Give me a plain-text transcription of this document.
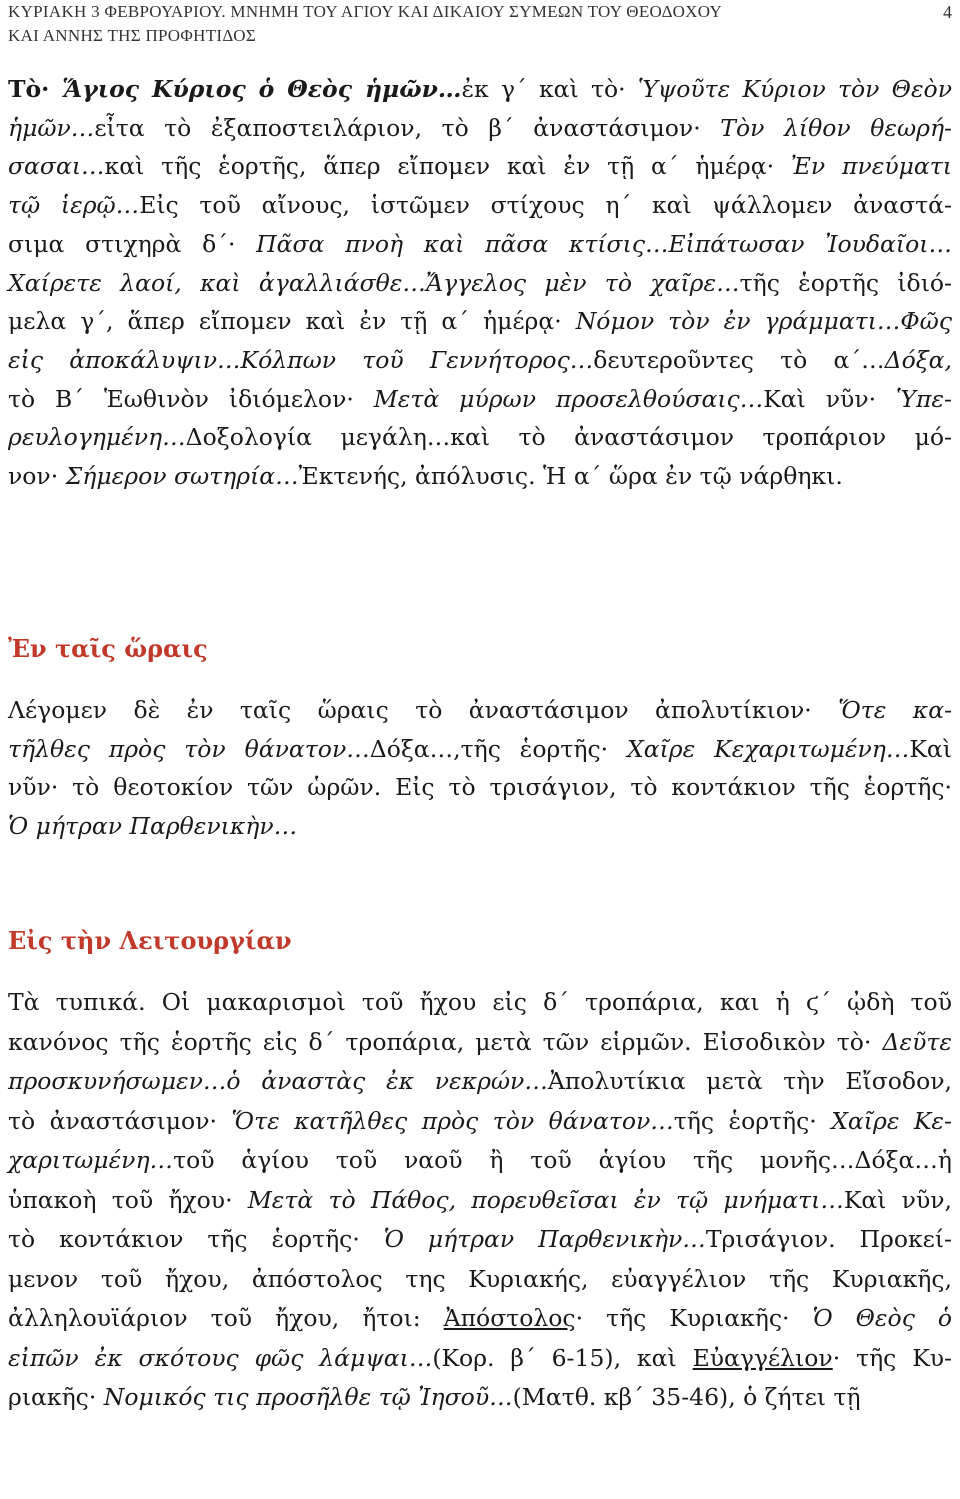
ΚΥΡΙΑΚΗ 3 ΦΕΒΡΟΥΑΡΙΟΥ. ΜΝΗΜΗ ΤΟΥ ΑΓΙΟΥ ΚΑΙ ΔΙΚΑΙΟΥ ΣΥΜΕΩΝ ΤΟΥ ΘΕΟΔΟΧΟΥ
ΚΑΙ ΑΝΝΗΣ ΤΗΣ ΠΡΟΦΗΤΙΔΟΣ
4
Τὸ· Ἅγιος Κύριος ὁ Θεὸς ἡμῶν…ἐκ γ΄ καὶ τὸ· Ὑψοῦτε Κύριον τὸν Θεὸν
ἡμῶν…εἶτα τὸ ἐξαποστειλάριον, τὸ β΄ ἀναστάσιμον· Τὸν λίθον θεωρή-
σασαι…καὶ τῆς ἑορτῆς, ἅπερ εἴπομεν καὶ ἐν τῇ α΄ ἡμέρᾳ· Ἐν πνεύματι
τῷ ἱερῷ…Εἰς τοῦ αἴνους, ἱστῶμεν στίχους η΄ καὶ ψάλλομεν ἀναστά-
σιμα στιχηρὰ δ΄· Πᾶσα πνοὴ καὶ πᾶσα κτίσις…Εἰπάτωσαν Ἰουδαῖοι…
Χαίρετε λαοί, καὶ ἀγαλλιάσθε…Ἄγγελος μὲν τὸ χαῖρε…τῆς ἑορτῆς ἰδιό-
μελα γ΄, ἅπερ εἴπομεν καὶ ἐν τῇ α΄ ἡμέρᾳ· Νόμον τὸν ἐν γράμματι…Φῶς
εἰς ἀποκάλυψιν…Κόλπων τοῦ Γεννήτορος…δευτεροῦντες τὸ α΄…Δόξα,
τὸ Β΄ Ἑωθινὸν ἰδιόμελον· Μετὰ μύρων προσελθούσαις…Καὶ νῦν· Ὑπε-
ρευλογημένη…Δοξολογία μεγάλη…καὶ τὸ ἀναστάσιμον τροπάριον μό-
νον· Σήμερον σωτηρία…Ἐκτενής, ἀπόλυσις. Ἡ α΄ ὥρα ἐν τῷ νάρθηκι.
Ἐν ταῖς ὥραις
Λέγομεν δὲ ἐν ταῖς ὥραις τὸ ἀναστάσιμον ἀπολυτίκιον· Ὅτε κα-
τῆλθες πρὸς τὸν θάνατον…Δόξα…,τῆς ἑορτῆς· Χαῖρε Κεχαριτωμένη…Καὶ
νῦν· τὸ θεοτοκίον τῶν ὡρῶν. Εἰς τὸ τρισάγιον, τὸ κοντάκιον τῆς ἑορτῆς·
Ὁ μήτραν Παρθενικὴν…
Εἰς τὴν Λειτουργίαν
Τὰ τυπικά. Οἱ μακαρισμοὶ τοῦ ἤχου εἰς δ΄ τροπάρια, και ἡ ϛ΄ ᾠδὴ τοῦ
κανόνος τῆς ἑορτῆς εἰς δ΄ τροπάρια, μετὰ τῶν εἱρμῶν. Εἰσοδικὸν τὸ· Δεῦτε
προσκυνήσωμεν…ὁ ἀναστὰς ἐκ νεκρών…Ἀπολυτίκια μετὰ τὴν Εἴσοδον,
τὸ ἀναστάσιμον· Ὅτε κατῆλθες πρὸς τὸν θάνατον…τῆς ἑορτῆς· Χαῖρε Κε-
χαριτωμένη…τοῦ ἁγίου τοῦ ναοῦ ἢ τοῦ ἁγίου τῆς μονῆς…Δόξα…ἡ
ὑπακοὴ τοῦ ἤχου· Μετὰ τὸ Πάθος, πορευθεῖσαι ἐν τῷ μνήματι…Καὶ νῦν,
τὸ κοντάκιον τῆς ἑορτῆς· Ὁ μήτραν Παρθενικὴν…Τρισάγιον. Προκεί-
μενον τοῦ ἤχου, ἀπόστολος της Κυριακής, εὐαγγέλιον τῆς Κυριακῆς,
ἀλληλουϊάριον τοῦ ἤχου, ἤτοι: Ἀπόστολος· τῆς Κυριακῆς· Ὁ Θεὸς ὁ
εἰπῶν ἐκ σκότους φῶς λάμψαι…(Κορ. β΄ 6-15), καὶ Εὐαγγέλιον· τῆς Κυ-
ριακῆς· Νομικός τις προσῆλθε τῷ Ἰησοῦ…(Ματθ. κβ΄ 35-46), ὁ ζήτει τῇ
